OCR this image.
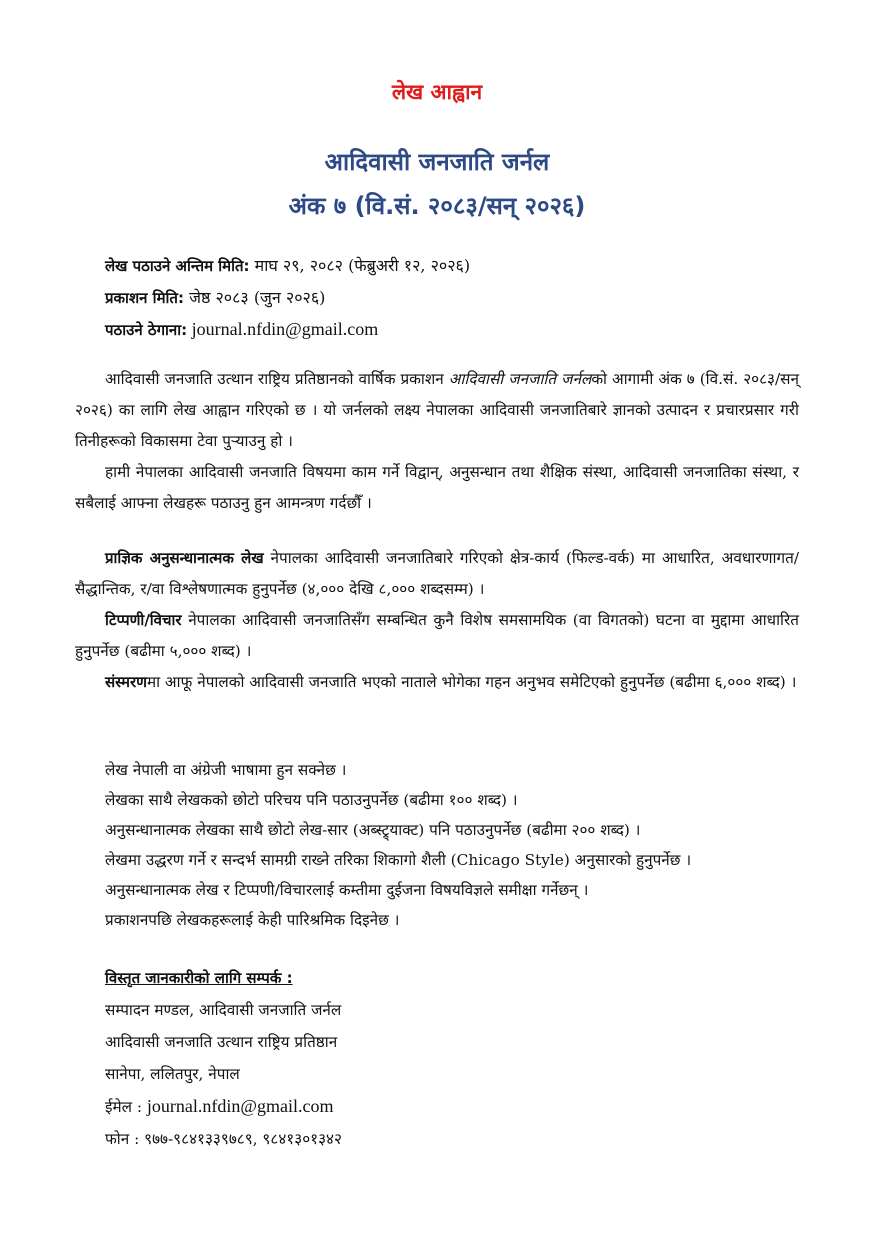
लेख आह्वान
आदिवासी जनजाति जर्नल
अंक ७ (वि.सं. २०८३/सन् २०२६)
लेख पठाउने अन्तिम मिति: माघ २९, २०८२ (फेब्रुअरी १२, २०२६)
प्रकाशन मिति: जेष्ठ २०८३ (जुन २०२६)
पठाउने ठेगाना: journal.nfdin@gmail.com

आदिवासी जनजाति उत्थान राष्ट्रिय प्रतिष्ठानको वार्षिक प्रकाशन आदिवासी जनजाति जर्नलको आगामी अंक ७ (वि.सं. २०८३/सन् २०२६) का लागि लेख आह्वान गरिएको छ । यो जर्नलको लक्ष्य नेपालका आदिवासी जनजातिबारे ज्ञानको उत्पादन र प्रचारप्रसार गरी तिनीहरूको विकासमा टेवा पुऱ्याउनु हो ।

हामी नेपालका आदिवासी जनजाति विषयमा काम गर्ने विद्वान्, अनुसन्धान तथा शैक्षिक संस्था, आदिवासी जनजातिका संस्था, र सबैलाई आफ्ना लेखहरू पठाउनु हुन आमन्त्रण गर्दछौँ ।

प्राज्ञिक अनुसन्धानात्मक लेख नेपालका आदिवासी जनजातिबारे गरिएको क्षेत्र-कार्य (फिल्ड-वर्क) मा आधारित, अवधारणागत/सैद्धान्तिक, र/वा विश्लेषणात्मक हुनुपर्नेछ (४,००० देखि ८,००० शब्दसम्म) ।

टिप्पणी/विचार नेपालका आदिवासी जनजातिसँग सम्बन्धित कुनै विशेष समसामयिक (वा विगतको) घटना वा मुद्दामा आधारित हुनुपर्नेछ (बढीमा ५,००० शब्द) ।

संस्मरणमा आफू नेपालको आदिवासी जनजाति भएको नाताले भोगेका गहन अनुभव समेटिएको हुनुपर्नेछ (बढीमा ६,००० शब्द) ।

लेख नेपाली वा अंग्रेजी भाषामा हुन सक्नेछ ।
लेखका साथै लेखकको छोटो परिचय पनि पठाउनुपर्नेछ (बढीमा १०० शब्द) ।
अनुसन्धानात्मक लेखका साथै छोटो लेख-सार (अब्स्ट्र्याक्ट) पनि पठाउनुपर्नेछ (बढीमा २०० शब्द) ।
लेखमा उद्धरण गर्ने र सन्दर्भ सामग्री राख्ने तरिका शिकागो शैली (Chicago Style) अनुसारको हुनुपर्नेछ ।
अनुसन्धानात्मक लेख र टिप्पणी/विचारलाई कम्तीमा दुईजना विषयविज्ञले समीक्षा गर्नेछन् ।
प्रकाशनपछि लेखकहरूलाई केही पारिश्रमिक दिइनेछ ।
विस्तृत जानकारीको लागि सम्पर्क :
सम्पादन मण्डल, आदिवासी जनजाति जर्नल
आदिवासी जनजाति उत्थान राष्ट्रिय प्रतिष्ठान
सानेपा, ललितपुर, नेपाल
ईमेल : journal.nfdin@gmail.com
फोन : ९७७-९८४१३३९७८९, ९८४१३०१३४२
